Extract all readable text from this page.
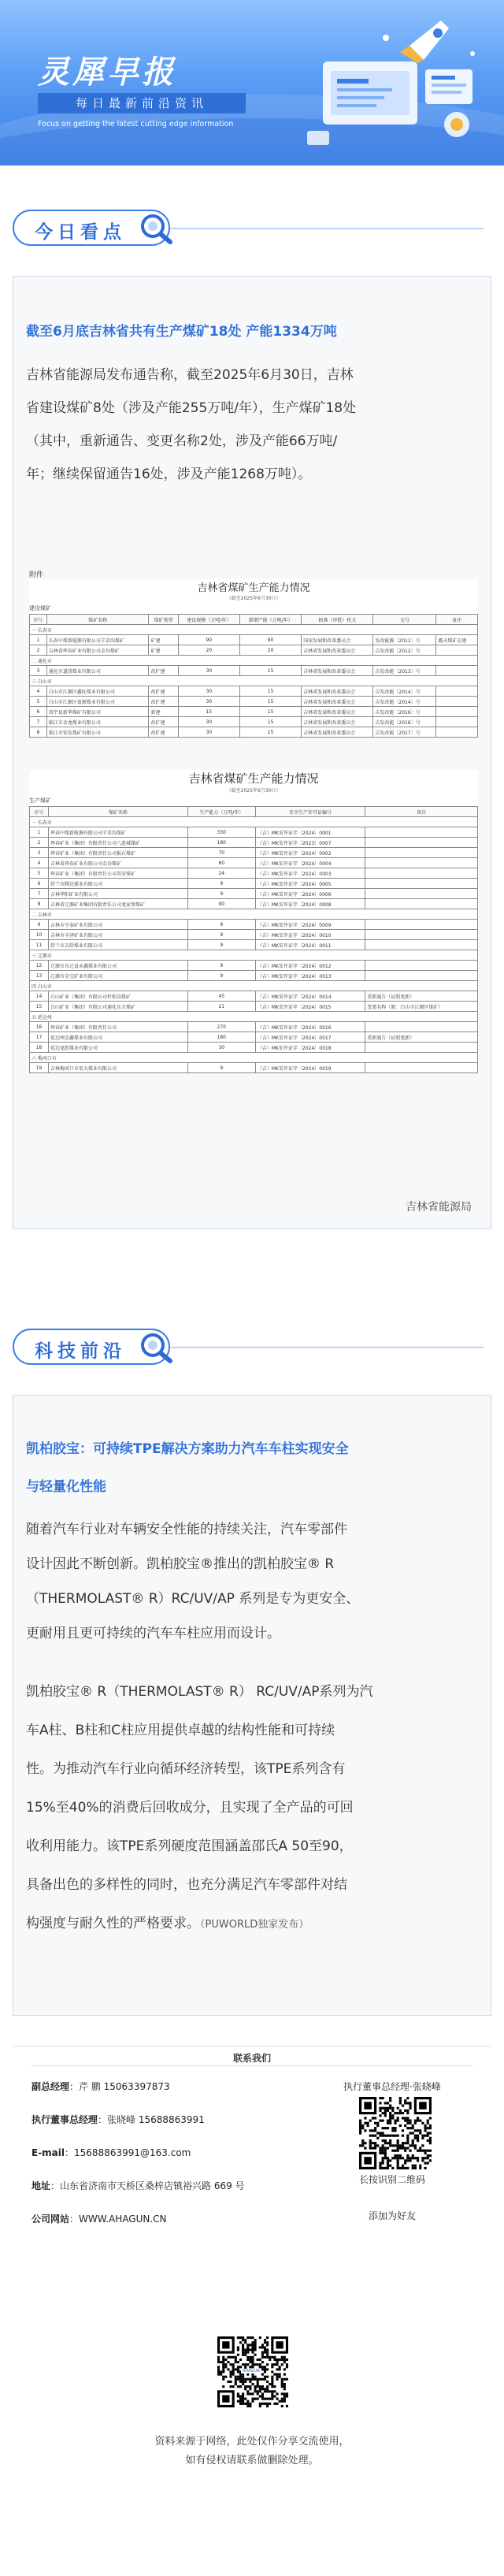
灵犀早报
每日最新前沿资讯
Focus on getting the latest cutting edge information
今日看点
截至6月底吉林省共有生产煤矿18处 产能1334万吨
吉林省能源局发布通告称，截至2025年6月30日，吉林
省建设煤矿8处（涉及产能255万吨/年），生产煤矿18处
（其中，重新通告、变更名称2处，涉及产能66万吨/
年；继续保留通告16处，涉及产能1268万吨）。
附件
吉林省煤矿生产能力情况
（截至2025年6月30日）
建设煤矿
序号	煤矿名称	煤矿类型	建设规模（万吨/年）	新增产能（万吨/年）	核准（审批）机关	文号	备注
一 长春市							
1	长春中煤新能源有限公司羊草沟煤矿	矿建	90	90	国家发展和改革委员会	发改能源〔2011〕号	露天煤矿在建
2	吉林省珲春矿业有限公司金谷煤矿	矿建	20	20	吉林省发展和改革委员会	吉发改能〔2012〕号	
二 通化市							
3	通化市道清煤业有限公司	改扩建	30	15	吉林省发展和改革委员会	吉发改能〔2013〕号	
三 白山市							
4	白山市江源区鑫旺煤业有限公司	改扩建	30	15	吉林省发展和改革委员会	吉发改能〔2014〕号	
5	白山市江源区富源煤业有限公司	改扩建	30	15	吉林省发展和改革委员会	吉发改能〔2014〕号	
6	靖宇县新华煤矿有限公司	新建	15	15	吉林省发展和改革委员会	吉发改能〔2016〕号	
7	临江市金龙煤业有限公司	改扩建	30	15	吉林省发展和改革委员会	吉发改能〔2016〕号	
8	临江市宏发煤矿有限公司	改扩建	30	15	吉林省发展和改革委员会	吉发改能〔2017〕号	
吉林省煤矿生产能力情况
（截至2025年6月30日）
生产煤矿
序号	煤矿名称	生产能力（万吨/年）	安全生产许可证编号	备注
一 长春市				
1	珲春中煤新能源有限公司羊草沟煤矿	330	（吉）MK安许证字〔2024〕0001	
2	珲春矿业（集团）有限责任公司八连城煤矿	180	（吉）MK安许证字〔2023〕0007	
3	珲春矿业（集团）有限责任公司板石煤矿	70	（吉）MK安许证字〔2024〕0002	
4	吉林省珲春矿业有限公司金谷煤矿	60	（吉）MK安许证字〔2024〕0004	
5	珲春矿业（集团）有限责任公司英安煤矿	24	（吉）MK安许证字〔2024〕0003	
6	舒兰市腾达煤业有限公司	9	（吉）MK安许证字〔2024〕0005	
7	吉林华阳矿业有限公司	9	（吉）MK安许证字〔2024〕0006	
8	吉林省辽源矿业集团有限责任公司龙家堡煤矿	90	（吉）MK安许证字〔2024〕0008	
二 吉林市				
9	吉林市亨泰矿业有限公司	9	（吉）MK安许证字〔2024〕0009	
10	吉林市丰泽矿业有限公司	9	（吉）MK安许证字〔2024〕0010	
11	舒兰市吉舒煤业有限公司	9	（吉）MK安许证字〔2024〕0011	
三 辽源市				
12	辽源市东辽县永鑫煤业有限公司	9	（吉）MK安许证字〔2024〕0012	
13	辽源市金宝矿业有限公司	9	（吉）MK安许证字〔2024〕0013	
四 白山市				
14	白山矿业（集团）有限公司杉松岗煤矿	45	（吉）MK安许证字〔2024〕0014	重新通告（证照更新）
15	白山矿业（集团）有限公司通化东方煤矿	21	（吉）MK安许证字〔2024〕0015	变更名称（原：白山市江源区煤矿）
五 延边州				
16	珲春矿业（集团）有限责任公司	270	（吉）MK安许证字〔2024〕0016	
17	延边州金鑫煤业有限公司	180	（吉）MK安许证字〔2024〕0017	重新通告（证照更新）
18	延边龙跃煤业有限公司	30	（吉）MK安许证字〔2024〕0018	
六 梅河口市				
19	吉林梅河口市宏大煤业有限公司	9	（吉）MK安许证字〔2024〕0019	
吉林省能源局
科技前沿
凯柏胶宝：可持续TPE解决方案助力汽车车柱实现安全
与轻量化性能
随着汽车行业对车辆安全性能的持续关注，汽车零部件
设计因此不断创新。凯柏胶宝®推出的凯柏胶宝® R
（THERMOLAST® R）RC/UV/AP 系列是专为更安全、
更耐用且更可持续的汽车车柱应用而设计。
凯柏胶宝® R（THERMOLAST® R） RC/UV/AP系列为汽
车A柱、B柱和C柱应用提供卓越的结构性能和可持续
性。为推动汽车行业向循环经济转型，该TPE系列含有
15%至40%的消费后回收成分，且实现了全产品的可回
收利用能力。该TPE系列硬度范围涵盖邵氏A 50至90，
具备出色的多样性的同时，也充分满足汽车零部件对结
构强度与耐久性的严格要求。（PUWORLD独家发布）
联系我们
副总经理：芹 鹏 15063397873
执行董事总经理：张晓峰 15688863991
E-mail：15688863991@163.com
地址：山东省济南市天桥区桑梓店镇裕兴路 669 号
公司网站：WWW.AHAGUN.CN
执行董事总经理·张晓峰
长按识别二维码
添加为好友
AHAGUN
资料来源于网络，此处仅作分享交流使用，
如有侵权请联系做删除处理。
